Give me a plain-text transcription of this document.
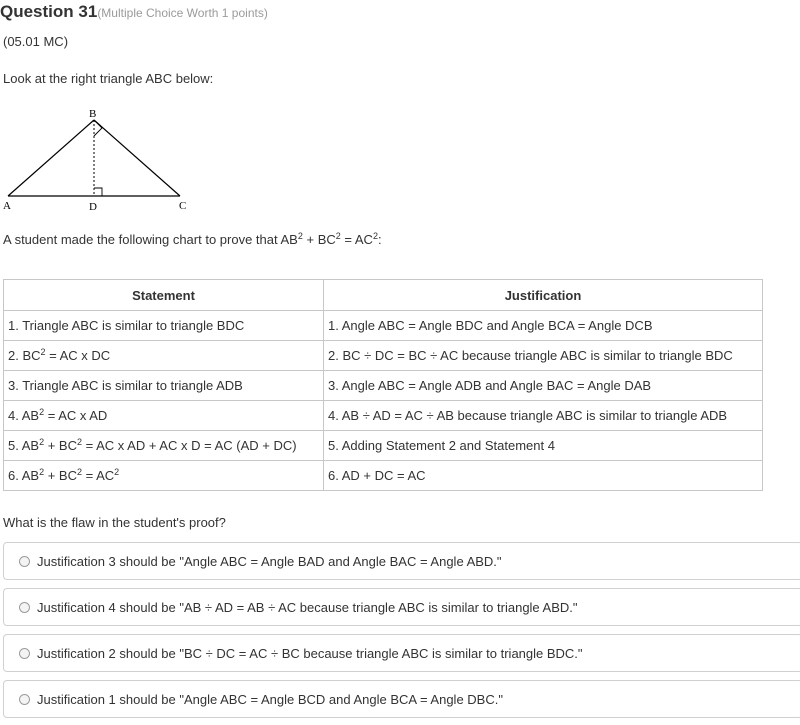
Question 31(Multiple Choice Worth 1 points)
(05.01 MC)
Look at the right triangle ABC below:
B
A	D	C
A student made the following chart to prove that $AB^2 + BC^2 = AC^2$:
Statement	Justification
1. Triangle ABC is similar to triangle BDC	1. Angle ABC = Angle BDC and Angle BCA = Angle DCB
2. $BC^2$ = AC x DC	2. BC ÷ DC = BC ÷ AC because triangle ABC is similar to triangle BDC
3. Triangle ABC is similar to triangle ADB	3. Angle ABC = Angle ADB and Angle BAC = Angle DAB
4. $AB^2$ = AC x AD	4. AB ÷ AD = AC ÷ AB because triangle ABC is similar to triangle ADB
5. $AB^2 + BC^2$ = AC x AD + AC x D = AC (AD + DC)	5. Adding Statement 2 and Statement 4
6. $AB^2 + BC^2 = AC^2$	6. AD + DC = AC
What is the flaw in the student's proof?
Justification 3 should be "Angle ABC = Angle BAD and Angle BAC = Angle ABD."
Justification 4 should be "AB ÷ AD = AB ÷ AC because triangle ABC is similar to triangle ABD."
Justification 2 should be "BC ÷ DC = AC ÷ BC because triangle ABC is similar to triangle BDC."
Justification 1 should be "Angle ABC = Angle BCD and Angle BCA = Angle DBC."
